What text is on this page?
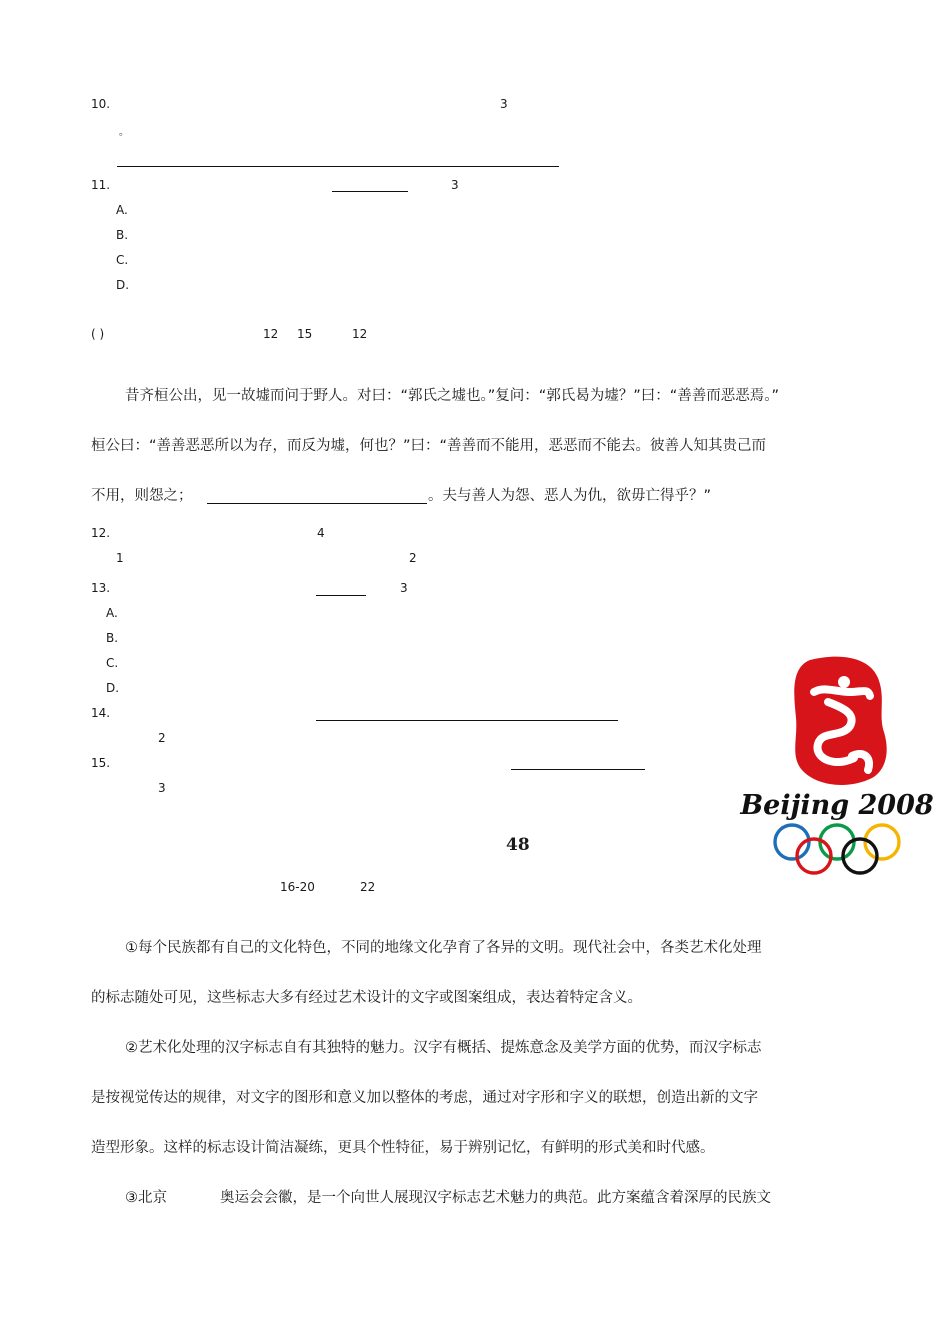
10.	3
。
11.	3
A.
B.
C.
D.
( )	12 15	12
昔齐桓公出，见一故墟而问于野人。对曰：“郭氏之墟也。”复问：“郭氏曷为墟？”曰：“善善而恶恶焉。”
桓公曰：“善善恶恶所以为存，而反为墟，何也？”曰：“善善而不能用，恶恶而不能去。彼善人知其贵己而
不用，则怨之；	。夫与善人为怨、恶人为仇，欲毋亡得乎？”
12.	4
1	2
13.	3
A.
B.
C.
D.
14.
2
15.
3
48
16-20	22
①每个民族都有自己的文化特色，不同的地缘文化孕育了各异的文明。现代社会中，各类艺术化处理
的标志随处可见，这些标志大多有经过艺术设计的文字或图案组成，表达着特定含义。
②艺术化处理的汉字标志自有其独特的魅力。汉字有概括、提炼意念及美学方面的优势，而汉字标志
是按视觉传达的规律，对文字的图形和意义加以整体的考虑，通过对字形和字义的联想，创造出新的文字
造型形象。这样的标志设计简洁凝练，更具个性特征，易于辨别记忆，有鲜明的形式美和时代感。
③北京	奥运会会徽，是一个向世人展现汉字标志艺术魅力的典范。此方案蕴含着深厚的民族文
Beijing 2008
